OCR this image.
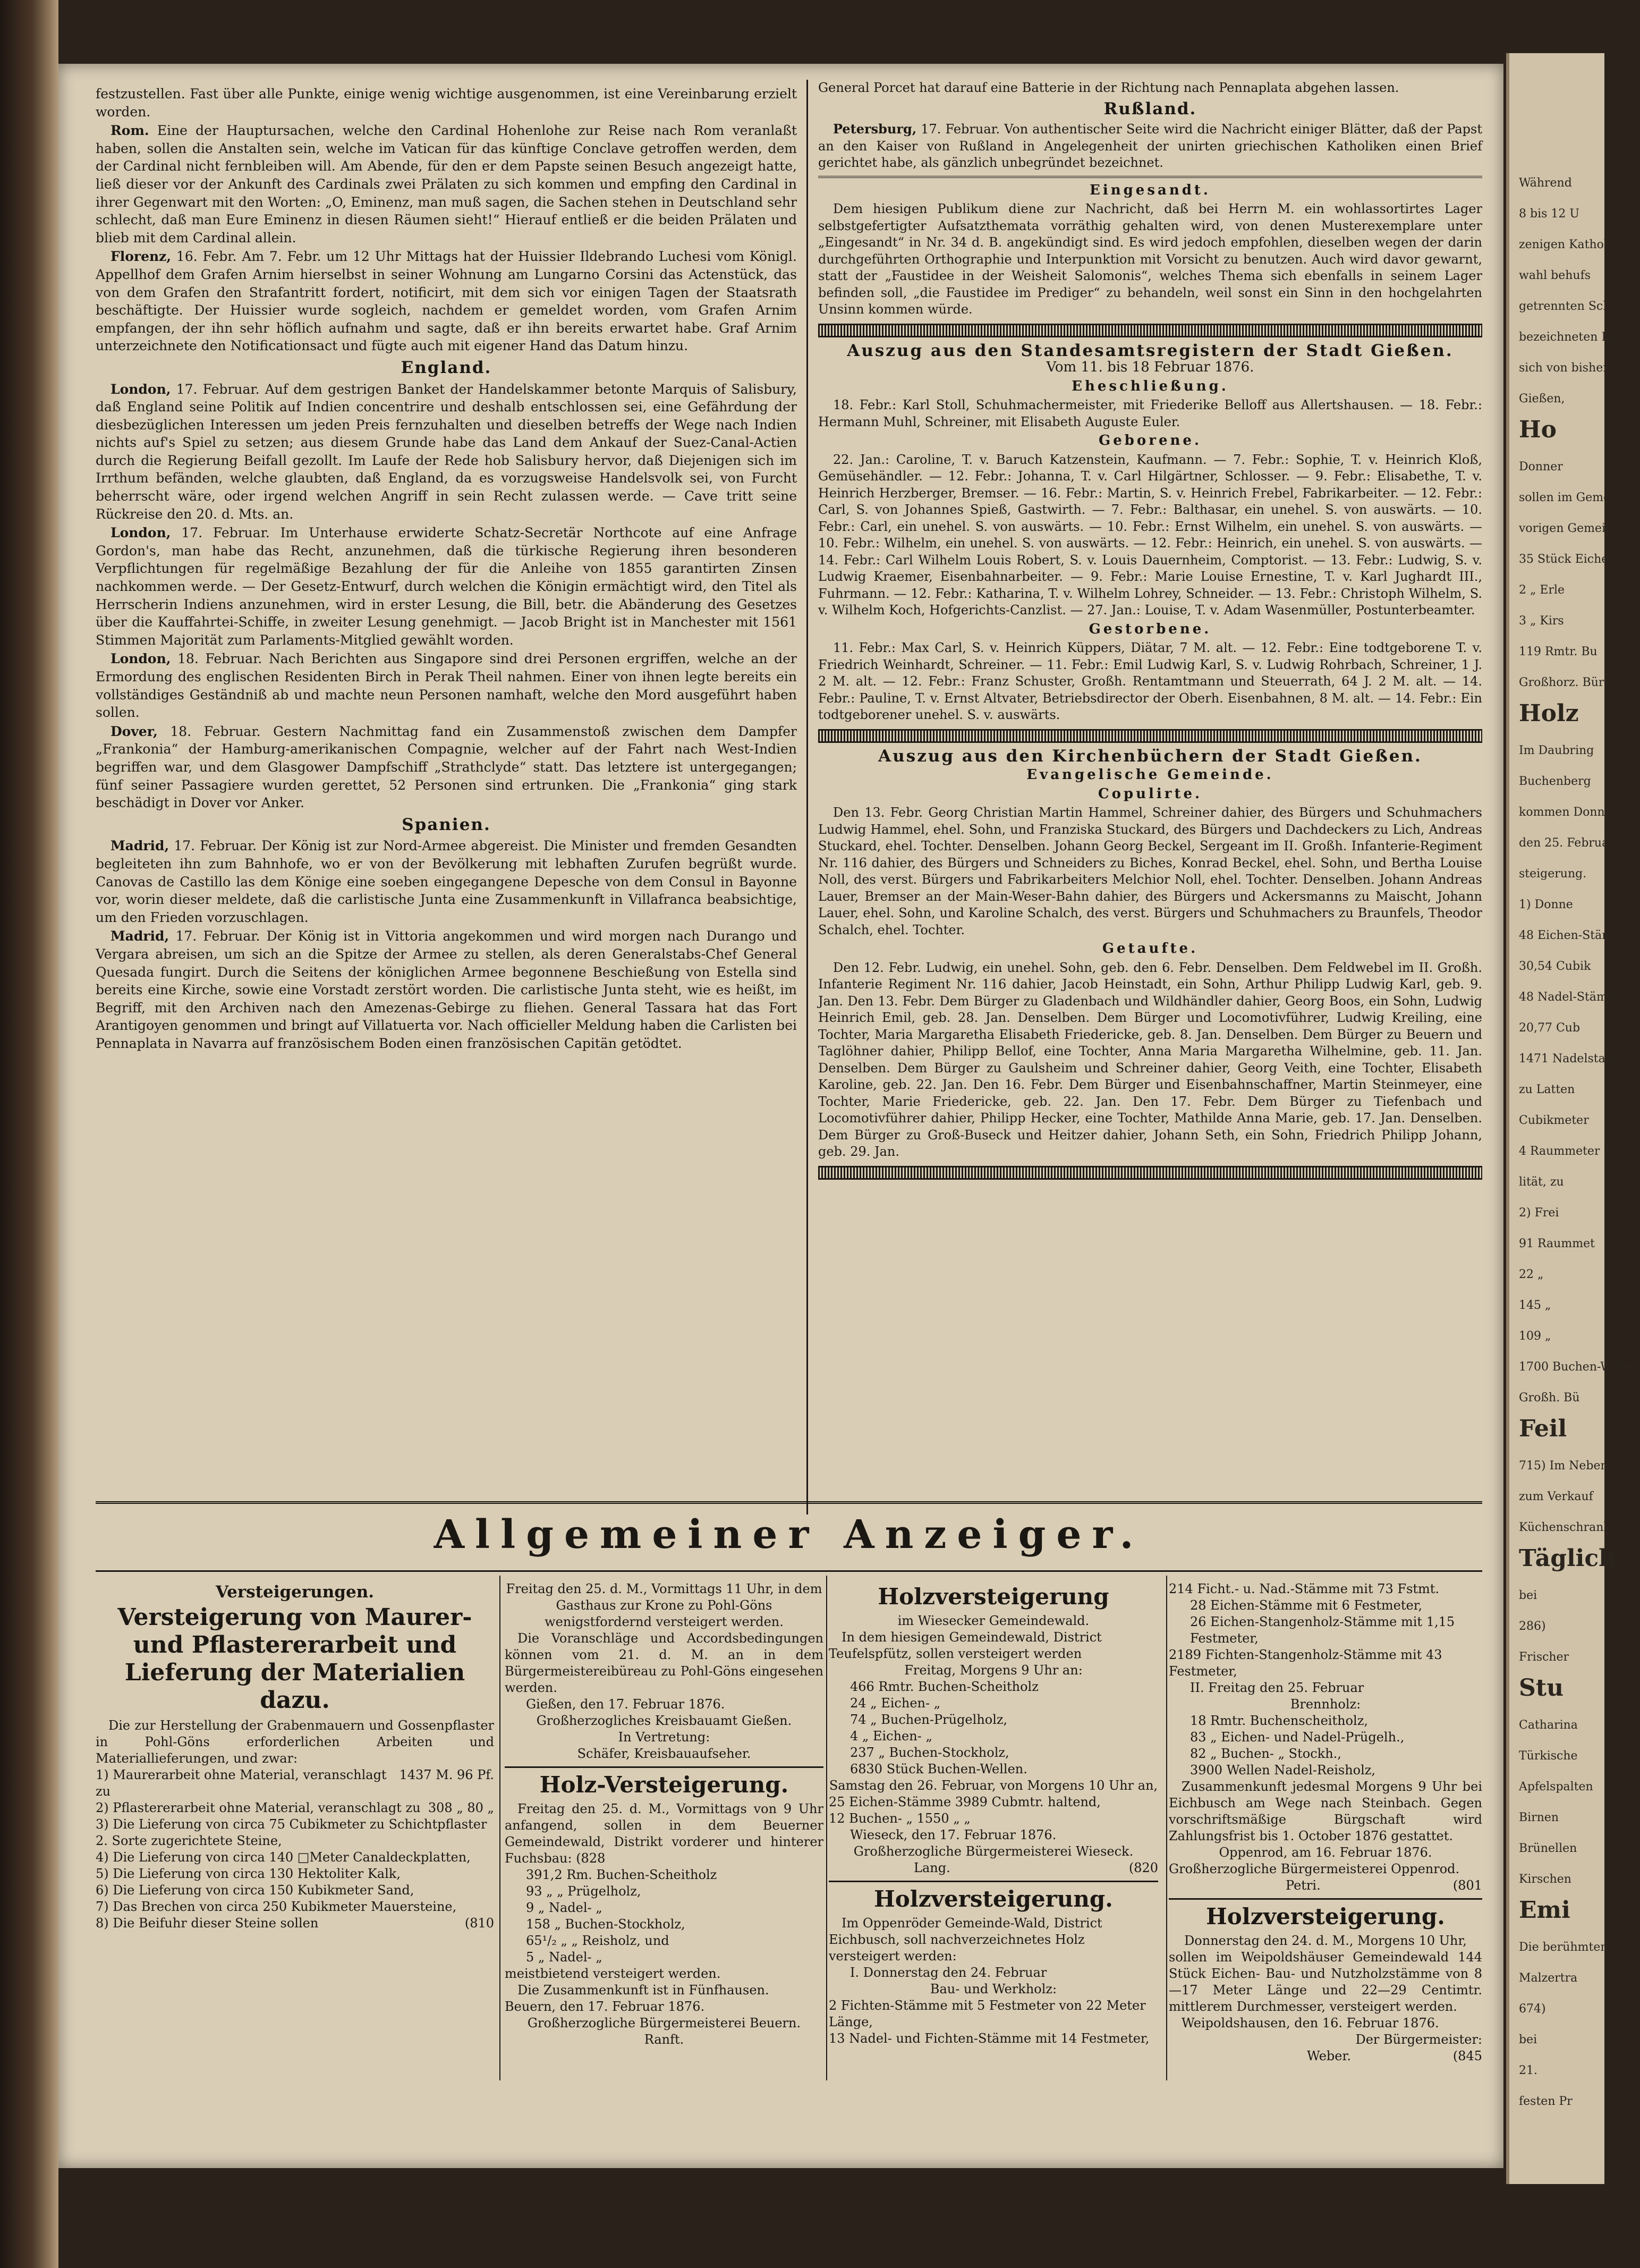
festzustellen. Fast über alle Punkte, einige wenig wichtige ausgenommen, ist eine Vereinbarung erzielt worden.

Rom. Eine der Hauptursachen, welche den Cardinal Hohenlohe zur Reise nach Rom veranlaßt haben, sollen die Anstalten sein, welche im Vatican für das künftige Conclave getroffen werden, dem der Cardinal nicht fernbleiben will. Am Abende, für den er dem Papste seinen Besuch angezeigt hatte, ließ dieser vor der Ankunft des Cardinals zwei Prälaten zu sich kommen und empfing den Cardinal in ihrer Gegenwart mit den Worten: „O, Eminenz, man muß sagen, die Sachen stehen in Deutschland sehr schlecht, daß man Eure Eminenz in diesen Räumen sieht!“ Hierauf entließ er die beiden Prälaten und blieb mit dem Cardinal allein.

Florenz, 16. Febr. Am 7. Febr. um 12 Uhr Mittags hat der Huissier Ildebrando Luchesi vom Königl. Appellhof dem Grafen Arnim hierselbst in seiner Wohnung am Lungarno Corsini das Actenstück, das von dem Grafen den Strafantritt fordert, notificirt, mit dem sich vor einigen Tagen der Staatsrath beschäftigte. Der Huissier wurde sogleich, nachdem er gemeldet worden, vom Grafen Arnim empfangen, der ihn sehr höflich aufnahm und sagte, daß er ihn bereits erwartet habe. Graf Arnim unterzeichnete den Notificationsact und fügte auch mit eigener Hand das Datum hinzu.

England.

London, 17. Februar. Auf dem gestrigen Banket der Handelskammer betonte Marquis of Salisbury, daß England seine Politik auf Indien concentrire und deshalb entschlossen sei, eine Gefährdung der diesbezüglichen Interessen um jeden Preis fernzuhalten und dieselben betreffs der Wege nach Indien nichts auf's Spiel zu setzen; aus diesem Grunde habe das Land dem Ankauf der Suez-Canal-Actien durch die Regierung Beifall gezollt. Im Laufe der Rede hob Salisbury hervor, daß Diejenigen sich im Irrthum befänden, welche glaubten, daß England, da es vorzugsweise Handelsvolk sei, von Furcht beherrscht wäre, oder irgend welchen Angriff in sein Recht zulassen werde. — Cave tritt seine Rückreise den 20. d. Mts. an.

London, 17. Februar. Im Unterhause erwiderte Schatz-Secretär Northcote auf eine Anfrage Gordon's, man habe das Recht, anzunehmen, daß die türkische Regierung ihren besonderen Verpflichtungen für regelmäßige Bezahlung der für die Anleihe von 1855 garantirten Zinsen nachkommen werde. — Der Gesetz-Entwurf, durch welchen die Königin ermächtigt wird, den Titel als Herrscherin Indiens anzunehmen, wird in erster Lesung, die Bill, betr. die Abänderung des Gesetzes über die Kauffahrtei-Schiffe, in zweiter Lesung genehmigt. — Jacob Bright ist in Manchester mit 1561 Stimmen Majorität zum Parlaments-Mitglied gewählt worden.

London, 18. Februar. Nach Berichten aus Singapore sind drei Personen ergriffen, welche an der Ermordung des englischen Residenten Birch in Perak Theil nahmen. Einer von ihnen legte bereits ein vollständiges Geständniß ab und machte neun Personen namhaft, welche den Mord ausgeführt haben sollen.

Dover, 18. Februar. Gestern Nachmittag fand ein Zusammenstoß zwischen dem Dampfer „Frankonia“ der Hamburg-amerikanischen Compagnie, welcher auf der Fahrt nach West-Indien begriffen war, und dem Glasgower Dampfschiff „Strathclyde“ statt. Das letztere ist untergegangen; fünf seiner Passagiere wurden gerettet, 52 Personen sind ertrunken. Die „Frankonia“ ging stark beschädigt in Dover vor Anker.

Spanien.

Madrid, 17. Februar. Der König ist zur Nord-Armee abgereist. Die Minister und fremden Gesandten begleiteten ihn zum Bahnhofe, wo er von der Bevölkerung mit lebhaften Zurufen begrüßt wurde. Canovas de Castillo las dem Könige eine soeben eingegangene Depesche von dem Consul in Bayonne vor, worin dieser meldete, daß die carlistische Junta eine Zusammenkunft in Villafranca beabsichtige, um den Frieden vorzuschlagen.

Madrid, 17. Februar. Der König ist in Vittoria angekommen und wird morgen nach Durango und Vergara abreisen, um sich an die Spitze der Armee zu stellen, als deren Generalstabs-Chef General Quesada fungirt. Durch die Seitens der königlichen Armee begonnene Beschießung von Estella sind bereits eine Kirche, sowie eine Vorstadt zerstört worden. Die carlistische Junta steht, wie es heißt, im Begriff, mit den Archiven nach den Amezenas-Gebirge zu fliehen. General Tassara hat das Fort Arantigoyen genommen und bringt auf Villatuerta vor. Nach officieller Meldung haben die Carlisten bei Pennaplata in Navarra auf französischem Boden einen französischen Capitän getödtet.

General Porcet hat darauf eine Batterie in der Richtung nach Pennaplata abgehen lassen.

Rußland.

Petersburg, 17. Februar. Von authentischer Seite wird die Nachricht einiger Blätter, daß der Papst an den Kaiser von Rußland in Angelegenheit der unirten griechischen Katholiken einen Brief gerichtet habe, als gänzlich unbegründet bezeichnet.

Eingesandt.

Dem hiesigen Publikum diene zur Nachricht, daß bei Herrn M. ein wohlassortirtes Lager selbstgefertigter Aufsatzthemata vorräthig gehalten wird, von denen Musterexemplare unter „Eingesandt“ in Nr. 34 d. B. angekündigt sind. Es wird jedoch empfohlen, dieselben wegen der darin durchgeführten Orthographie und Interpunktion mit Vorsicht zu benutzen. Auch wird davor gewarnt, statt der „Faustidee in der Weisheit Salomonis“, welches Thema sich ebenfalls in seinem Lager befinden soll, „die Faustidee im Prediger“ zu behandeln, weil sonst ein Sinn in den hochgelahrten Unsinn kommen würde.

Auszug aus den Standesamtsregistern der Stadt Gießen.
Vom 11. bis 18 Februar 1876.
Eheschließung.

18. Febr.: Karl Stoll, Schuhmachermeister, mit Friederike Belloff aus Allertshausen. — 18. Febr.: Hermann Muhl, Schreiner, mit Elisabeth Auguste Euler.

Geborene.

22. Jan.: Caroline, T. v. Baruch Katzenstein, Kaufmann. — 7. Febr.: Sophie, T. v. Heinrich Kloß, Gemüsehändler. — 12. Febr.: Johanna, T. v. Carl Hilgärtner, Schlosser. — 9. Febr.: Elisabethe, T. v. Heinrich Herzberger, Bremser. — 16. Febr.: Martin, S. v. Heinrich Frebel, Fabrikarbeiter. — 12. Febr.: Carl, S. von Johannes Spieß, Gastwirth. — 7. Febr.: Balthasar, ein unehel. S. von auswärts. — 10. Febr.: Carl, ein unehel. S. von auswärts. — 10. Febr.: Ernst Wilhelm, ein unehel. S. von auswärts. — 10. Febr.: Wilhelm, ein unehel. S. von auswärts. — 12. Febr.: Heinrich, ein unehel. S. von auswärts. — 14. Febr.: Carl Wilhelm Louis Robert, S. v. Louis Dauernheim, Comptorist. — 13. Febr.: Ludwig, S. v. Ludwig Kraemer, Eisenbahnarbeiter. — 9. Febr.: Marie Louise Ernestine, T. v. Karl Jughardt III., Fuhrmann. — 12. Febr.: Katharina, T. v. Wilhelm Lohrey, Schneider. — 13. Febr.: Christoph Wilhelm, S. v. Wilhelm Koch, Hofgerichts-Canzlist. — 27. Jan.: Louise, T. v. Adam Wasenmüller, Postunterbeamter.

Gestorbene.

11. Febr.: Max Carl, S. v. Heinrich Küppers, Diätar, 7 M. alt. — 12. Febr.: Eine todtgeborene T. v. Friedrich Weinhardt, Schreiner. — 11. Febr.: Emil Ludwig Karl, S. v. Ludwig Rohrbach, Schreiner, 1 J. 2 M. alt. — 12. Febr.: Franz Schuster, Großh. Rentamtmann und Steuerrath, 64 J. 2 M. alt. — 14. Febr.: Pauline, T. v. Ernst Altvater, Betriebsdirector der Oberh. Eisenbahnen, 8 M. alt. — 14. Febr.: Ein todtgeborener unehel. S. v. auswärts.

Auszug aus den Kirchenbüchern der Stadt Gießen.
Evangelische Gemeinde.
Copulirte.

Den 13. Febr. Georg Christian Martin Hammel, Schreiner dahier, des Bürgers und Schuhmachers Ludwig Hammel, ehel. Sohn, und Franziska Stuckard, des Bürgers und Dachdeckers zu Lich, Andreas Stuckard, ehel. Tochter. Denselben. Johann Georg Beckel, Sergeant im II. Großh. Infanterie-Regiment Nr. 116 dahier, des Bürgers und Schneiders zu Biches, Konrad Beckel, ehel. Sohn, und Bertha Louise Noll, des verst. Bürgers und Fabrikarbeiters Melchior Noll, ehel. Tochter. Denselben. Johann Andreas Lauer, Bremser an der Main-Weser-Bahn dahier, des Bürgers und Ackersmanns zu Maischt, Johann Lauer, ehel. Sohn, und Karoline Schalch, des verst. Bürgers und Schuhmachers zu Braunfels, Theodor Schalch, ehel. Tochter.

Getaufte.

Den 12. Febr. Ludwig, ein unehel. Sohn, geb. den 6. Febr. Denselben. Dem Feldwebel im II. Großh. Infanterie Regiment Nr. 116 dahier, Jacob Heinstadt, ein Sohn, Arthur Philipp Ludwig Karl, geb. 9. Jan. Den 13. Febr. Dem Bürger zu Gladenbach und Wildhändler dahier, Georg Boos, ein Sohn, Ludwig Heinrich Emil, geb. 28. Jan. Denselben. Dem Bürger und Locomotivführer, Ludwig Kreiling, eine Tochter, Maria Margaretha Elisabeth Friedericke, geb. 8. Jan. Denselben. Dem Bürger zu Beuern und Taglöhner dahier, Philipp Bellof, eine Tochter, Anna Maria Margaretha Wilhelmine, geb. 11. Jan. Denselben. Dem Bürger zu Gaulsheim und Schreiner dahier, Georg Veith, eine Tochter, Elisabeth Karoline, geb. 22. Jan. Den 16. Febr. Dem Bürger und Eisenbahnschaffner, Martin Steinmeyer, eine Tochter, Marie Friedericke, geb. 22. Jan. Den 17. Febr. Dem Bürger zu Tiefenbach und Locomotivführer dahier, Philipp Hecker, eine Tochter, Mathilde Anna Marie, geb. 17. Jan. Denselben. Dem Bürger zu Groß-Buseck und Heitzer dahier, Johann Seth, ein Sohn, Friedrich Philipp Johann, geb. 29. Jan.

Allgemeiner Anzeiger.
Versteigerungen.
Versteigerung von Maurer- und Pflastererarbeit und Lieferung der Materialien dazu.

Die zur Herstellung der Grabenmauern und Gossenpflaster in Pohl-Göns erforderlichen Arbeiten und Materiallieferungen, und zwar:

1) Maurerarbeit ohne Material, veranschlagt zu
1437 M. 96 Pf.

2) Pflastererarbeit ohne Material, veranschlagt zu 308 „ 80 „

3) Die Lieferung von circa 75 Cubikmeter zu Schichtpflaster 2. Sorte zugerichtete Steine,

4) Die Lieferung von circa 140 □Meter Canaldeckplatten,

5) Die Lieferung von circa 130 Hektoliter Kalk,

6) Die Lieferung von circa 150 Kubikmeter Sand,

7) Das Brechen von circa 250 Kubikmeter Mauersteine,

8) Die Beifuhr dieser Steine sollen	(810

Freitag den 25. d. M., Vormittags 11 Uhr, in dem Gasthaus zur Krone zu Pohl-Göns wenigstfordernd versteigert werden.

Die Voranschläge und Accordsbedingungen können vom 21. d. M. an in dem Bürgermeistereibüreau zu Pohl-Göns eingesehen werden.

Gießen, den 17. Februar 1876.

Großherzogliches Kreisbauamt Gießen.

In Vertretung:

Schäfer, Kreisbauaufseher.

Holz-Versteigerung.

Freitag den 25. d. M., Vormittags von 9 Uhr anfangend, sollen in dem Beuerner Gemeindewald, Distrikt vorderer und hinterer Fuchsbau: (828

391,2 Rm. Buchen-Scheitholz

93 „ „ Prügelholz,

9 „ Nadel- „

158 „ Buchen-Stockholz,

65¹/₂ „ „ Reisholz, und

5 „ Nadel- „

meistbietend versteigert werden.

Die Zusammenkunft ist in Fünfhausen. Beuern, den 17. Februar 1876.

Großherzogliche Bürgermeisterei Beuern.

Ranft.

Holzversteigerung

im Wiesecker Gemeindewald.

In dem hiesigen Gemeindewald, District Teufelspfütz, sollen versteigert werden

Freitag, Morgens 9 Uhr an:

466 Rmtr. Buchen-Scheitholz

24 „ Eichen- „

74 „ Buchen-Prügelholz,

4 „ Eichen- „

237 „ Buchen-Stockholz,

6830 Stück Buchen-Wellen.

Samstag den 26. Februar, von Morgens 10 Uhr an,

25 Eichen-Stämme 3989 Cubmtr. haltend,

12 Buchen- „ 1550 „ „

Wieseck, den 17. Februar 1876.

Großherzogliche Bürgermeisterei Wieseck.

Lang.	(820

Holzversteigerung.

Im Oppenröder Gemeinde-Wald, District Eichbusch, soll nachverzeichnetes Holz versteigert werden:

I. Donnerstag den 24. Februar

Bau- und Werkholz:

2 Fichten-Stämme mit 5 Festmeter von 22 Meter Länge,

13 Nadel- und Fichten-Stämme mit 14 Festmeter,

214 Ficht.- u. Nad.-Stämme mit 73 Fstmt.

28 Eichen-Stämme mit 6 Festmeter,

26 Eichen-Stangenholz-Stämme mit 1,15 Festmeter,

2189 Fichten-Stangenholz-Stämme mit 43 Festmeter,

II. Freitag den 25. Februar

Brennholz:

18 Rmtr. Buchenscheitholz,

83 „ Eichen- und Nadel-Prügelh.,

82 „ Buchen- „ Stockh.,

3900 Wellen Nadel-Reisholz,

Zusammenkunft jedesmal Morgens 9 Uhr bei Eichbusch am Wege nach Steinbach. Gegen vorschriftsmäßige Bürgschaft wird Zahlungsfrist bis 1. October 1876 gestattet.

Oppenrod, am 16. Februar 1876.

Großherzogliche Bürgermeisterei Oppenrod.

Petri.	(801

Holzversteigerung.

Donnerstag den 24. d. M., Morgens 10 Uhr,

sollen im Weipoldshäuser Gemeindewald 144 Stück Eichen- Bau- und Nutzholzstämme von 8—17 Meter Länge und 22—29 Centimtr. mittlerem Durchmesser, versteigert werden.

Weipoldshausen, den 16. Februar 1876.

Der Bürgermeister:

Weber.	(845

Während
8 bis 12 U
zenigen Katholi
wahl behufs
getrennten Sch
bezeichneten Lo
sich von bisher
Gießen,
Ho
Donner
sollen im Gemei
vorigen Gemein
35 Stück Eichen
2 „ Erle
3 „ Kirs
119 Rmtr. Bu
Großhorz. Bür
Holz
Im Daubring
Buchenberg
kommen Donne
den 25. Februa
steigerung.
1) Donne
48 Eichen-Stämme
30,54 Cubik
48 Nadel-Stämme
20,77 Cub
1471 Nadelstam
zu Latten
Cubikmeter
4 Raummeter
lität, zu
2) Frei
91 Raummet
22 „
145 „
109 „
1700 Buchen-Wellen
Großh. Bü
Feil
715) Im Neben
zum Verkauf
Küchenschrank
Täglich
bei
286)
Frischer
Stu
Catharina
Türkische
Apfelspalten
Birnen
Brünellen
Kirschen
Emi
Die berühmten
Malzertra
674)
bei
21.
festen Pr
